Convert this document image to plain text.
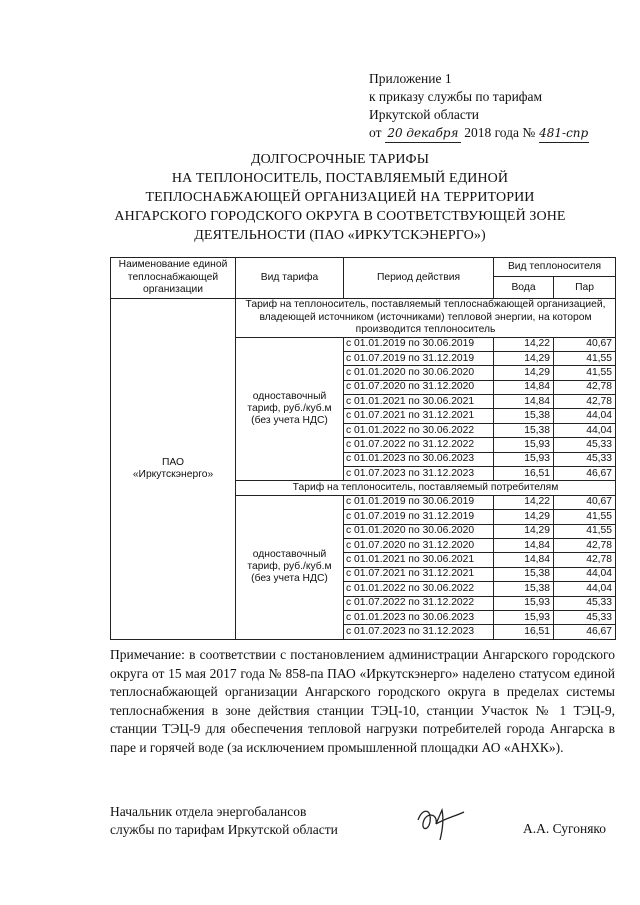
Приложение 1
к приказу службы по тарифам
Иркутской области
от 20 декабря 2018 года № 481-спр
ДОЛГОСРОЧНЫЕ ТАРИФЫ
НА ТЕПЛОНОСИТЕЛЬ, ПОСТАВЛЯЕМЫЙ ЕДИНОЙ
ТЕПЛОСНАБЖАЮЩЕЙ ОРГАНИЗАЦИЕЙ НА ТЕРРИТОРИИ
АНГАРСКОГО ГОРОДСКОГО ОКРУГА В СООТВЕТСТВУЮЩЕЙ ЗОНЕ
ДЕЯТЕЛЬНОСТИ (ПАО «ИРКУТСКЭНЕРГО»)
Наименование единой теплоснабжающей организации	Вид тарифа	Период действия	Вид теплоносителя	
			Вода	Пар

ПАО
«Иркутскэнерго»	Тариф на теплоноситель, поставляемый теплоснабжающей организацией, владеющей источником (источниками) тепловой энергии, на котором производится теплоноситель			

	одноставочный
тариф, руб./куб.м
(без учета НДС)	с 01.01.2019 по 30.06.2019	14,22	40,67
		с 01.07.2019 по 31.12.2019	14,29	41,55
		с 01.01.2020 по 30.06.2020	14,29	41,55
		с 01.07.2020 по 31.12.2020	14,84	42,78
		с 01.01.2021 по 30.06.2021	14,84	42,78
		с 01.07.2021 по 31.12.2021	15,38	44,04
		с 01.01.2022 по 30.06.2022	15,38	44,04
		с 01.07.2022 по 31.12.2022	15,93	45,33
		с 01.01.2023 по 30.06.2023	15,93	45,33
		с 01.07.2023 по 31.12.2023	16,51	46,67
	Тариф на теплоноситель, поставляемый потребителям			

	одноставочный
тариф, руб./куб.м
(без учета НДС)	с 01.01.2019 по 30.06.2019	14,22	40,67
		с 01.07.2019 по 31.12.2019	14,29	41,55
		с 01.01.2020 по 30.06.2020	14,29	41,55
		с 01.07.2020 по 31.12.2020	14,84	42,78
		с 01.01.2021 по 30.06.2021	14,84	42,78
		с 01.07.2021 по 31.12.2021	15,38	44,04
		с 01.01.2022 по 30.06.2022	15,38	44,04
		с 01.07.2022 по 31.12.2022	15,93	45,33
		с 01.01.2023 по 30.06.2023	15,93	45,33
		с 01.07.2023 по 31.12.2023	16,51	46,67
Примечание: в соответствии с постановлением администрации Ангарского городского округа от 15 мая 2017 года № 858-па ПАО «Иркутскэнерго» наделено статусом единой теплоснабжающей организации Ангарского городского округа в пределах системы теплоснабжения в зоне действия станции ТЭЦ-10, станции Участок № 1 ТЭЦ-9, станции ТЭЦ-9 для обеспечения тепловой нагрузки потребителей города Ангарска в паре и горячей воде (за исключением промышленной площадки АО «АНХК»).
Начальник отдела энергобалансов
службы по тарифам Иркутской области	А.А. Сугоняко
